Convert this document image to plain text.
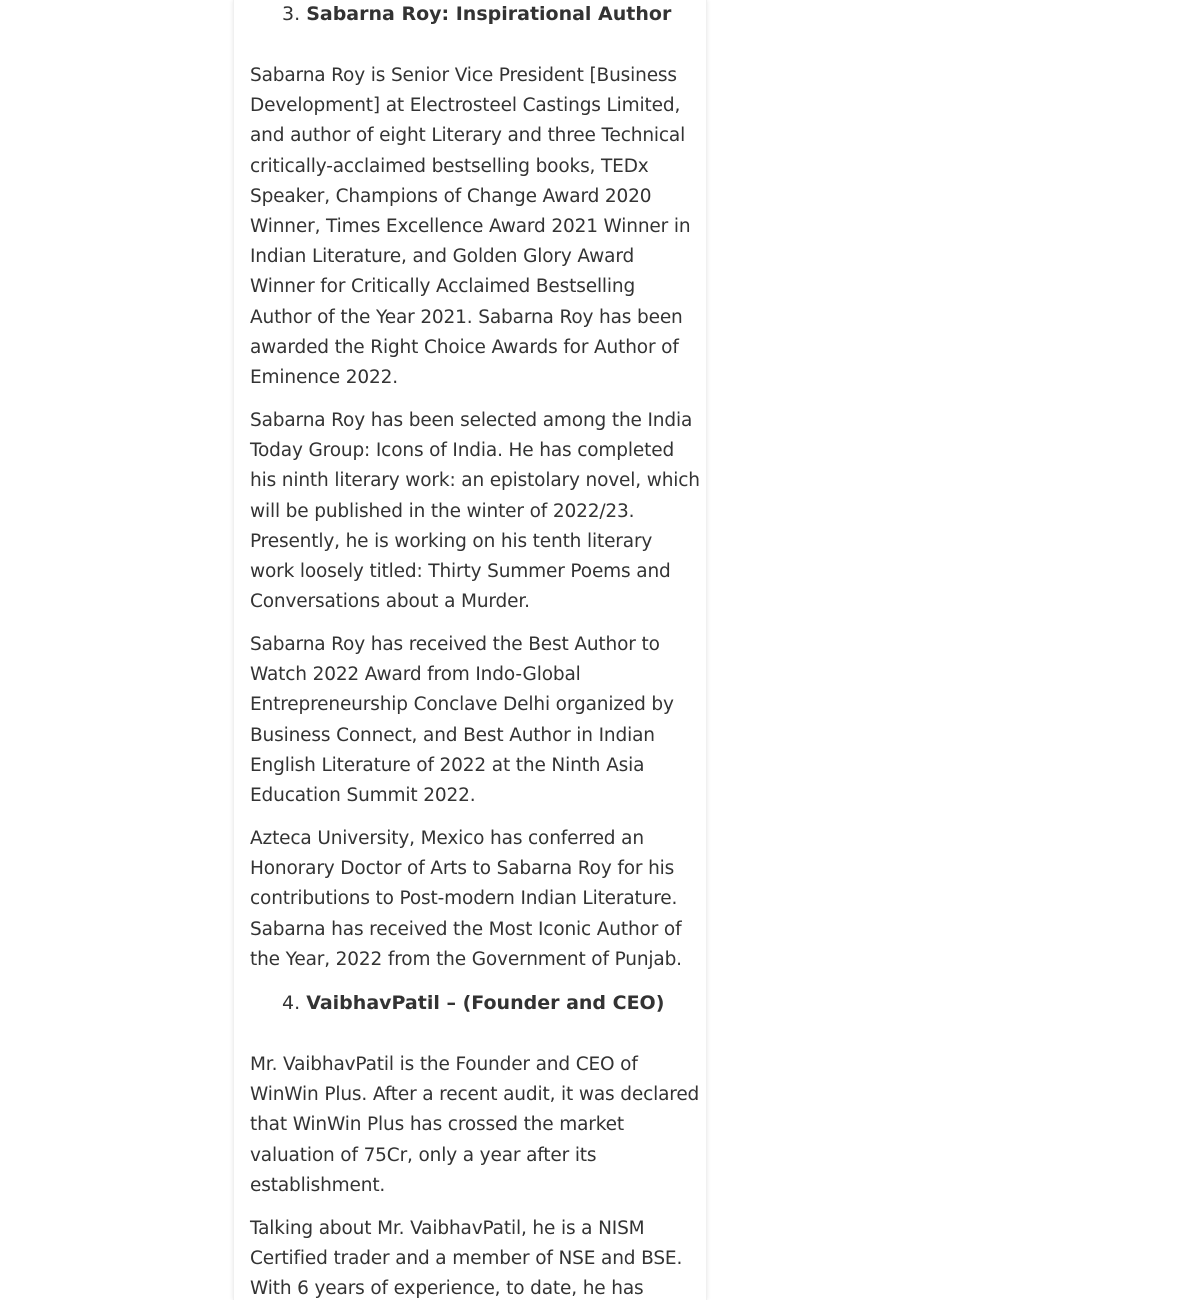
3. Sabarna Roy: Inspirational Author

Sabarna Roy is Senior Vice President [Business Development] at Electrosteel Castings Limited, and author of eight Literary and three Technical critically-acclaimed bestselling books, TEDx Speaker, Champions of Change Award 2020 Winner, Times Excellence Award 2021 Winner in Indian Literature, and Golden Glory Award Winner for Critically Acclaimed Bestselling Author of the Year 2021. Sabarna Roy has been awarded the Right Choice Awards for Author of Eminence 2022.

Sabarna Roy has been selected among the India Today Group: Icons of India. He has completed his ninth literary work: an epistolary novel, which will be published in the winter of 2022/23. Presently, he is working on his tenth literary work loosely titled: Thirty Summer Poems and Conversations about a Murder.

Sabarna Roy has received the Best Author to Watch 2022 Award from Indo-Global Entrepreneurship Conclave Delhi organized by Business Connect, and Best Author in Indian English Literature of 2022 at the Ninth Asia Education Summit 2022.

Azteca University, Mexico has conferred an Honorary Doctor of Arts to Sabarna Roy for his contributions to Post-modern Indian Literature. Sabarna has received the Most Iconic Author of the Year, 2022 from the Government of Punjab.

4. VaibhavPatil – (Founder and CEO)

Mr. VaibhavPatil is the Founder and CEO of WinWin Plus. After a recent audit, it was declared that WinWin Plus has crossed the market valuation of 75Cr, only a year after its establishment.

Talking about Mr. VaibhavPatil, he is a NISM Certified trader and a member of NSE and BSE. With 6 years of experience, to date, he has
